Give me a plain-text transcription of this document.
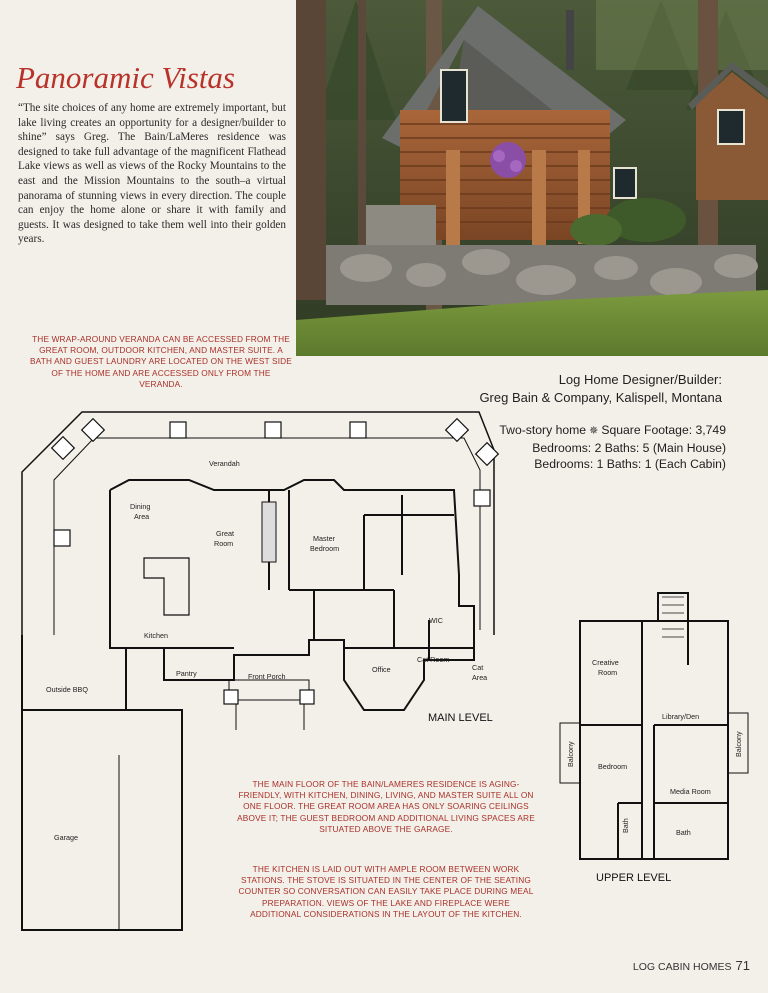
Panoramic Vistas
“The site choices of any home are extremely important, but lake living creates an opportunity for a designer/builder to shine” says Greg. The Bain/LaMeres residence was designed to take full advantage of the magnificent Flathead Lake views as well as views of the Rocky Mountains to the east and the Mission Mountains to the south–a virtual panorama of stunning views in every direction. The couple can enjoy the home alone or share it with family and guests. It was designed to take them well into their golden years.
THE WRAP-AROUND VERANDA CAN BE ACCESSED FROM THE GREAT ROOM, OUTDOOR KITCHEN, AND MASTER SUITE. A BATH AND GUEST LAUNDRY ARE LOCATED ON THE WEST SIDE OF THE HOME AND ARE ACCESSED ONLY FROM THE VERANDA.
THE MAIN FLOOR OF THE BAIN/LAMERES RESIDENCE IS AGING-FRIENDLY, WITH KITCHEN, DINING, LIVING, AND MASTER SUITE ALL ON ONE FLOOR. THE GREAT ROOM AREA HAS ONLY SOARING CEILINGS ABOVE IT; THE GUEST BEDROOM AND ADDITIONAL LIVING SPACES ARE SITUATED ABOVE THE GARAGE.
THE KITCHEN IS LAID OUT WITH AMPLE ROOM BETWEEN WORK STATIONS. THE STOVE IS SITUATED IN THE CENTER OF THE SEATING COUNTER SO CONVERSATION CAN EASILY TAKE PLACE DURING MEAL PREPARATION. VIEWS OF THE LAKE AND FIREPLACE WERE ADDITIONAL CONSIDERATIONS IN THE LAYOUT OF THE KITCHEN.
Log Home Designer/Builder:
Greg Bain & Company, Kalispell, Montana
Two-story home ✵ Square Footage: 3,749
Bedrooms: 2 Baths: 5 (Main House)
Bedrooms: 1 Baths: 1 (Each Cabin)
Verandah
Dining
Area
Great
Room
Master
Bedroom
Kitchen
WIC
Outside BBQ
Pantry	Front Porch
Office
Cat Room
Cat
Area
Garage
MAIN LEVEL
Creative
Room
Library/Den
Bedroom
Media Room
Bath
Bath
Balcony	Balcony
UPPER LEVEL
LOG CABIN HOMES 71
